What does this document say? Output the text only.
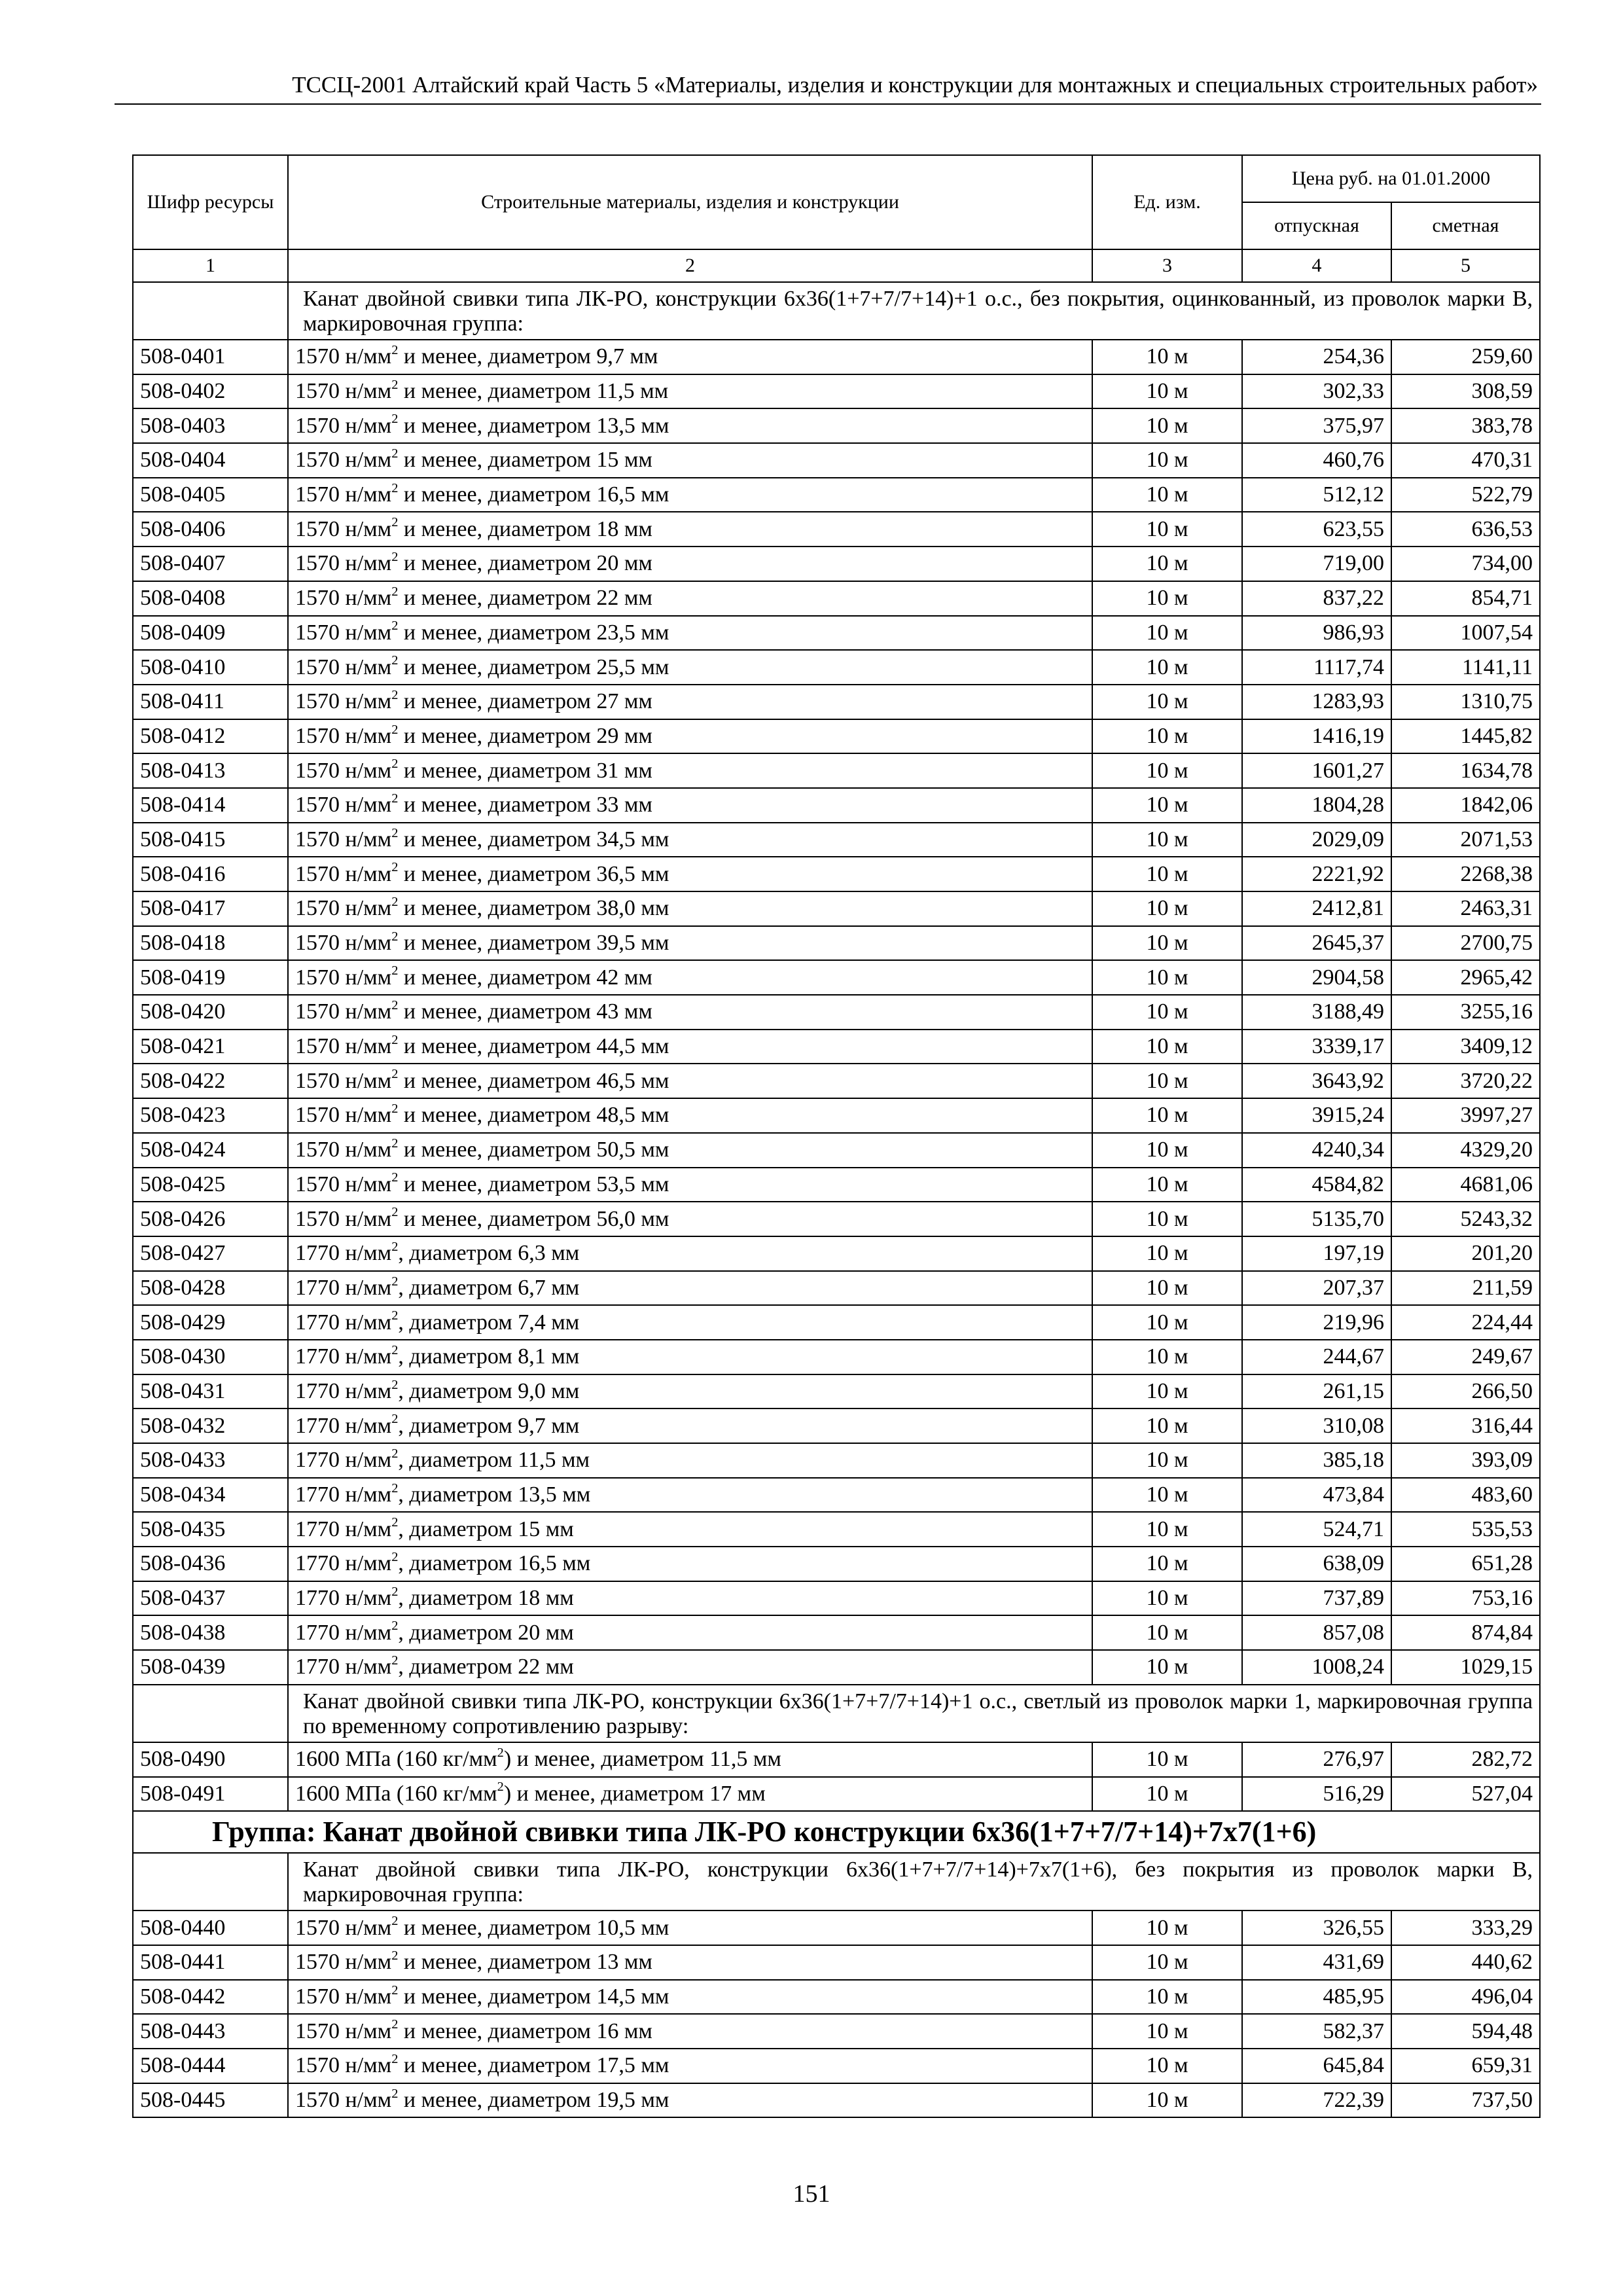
ТССЦ-2001 Алтайский край Часть 5 «Материалы, изделия и конструкции для монтажных и специальных строительных работ»
Шифр ресурсы	Строительные материалы, изделия и конструкции	Ед. изм.	Цена руб. на 01.01.2000	
			отпускная	сметная
1	2	3	4	5
	Канат двойной свивки типа ЛК-РО, конструкции 6х36(1+7+7/7+14)+1 о.с., без покрытия, оцинкованный, из проволок марки В, маркировочная группа:			
508-0401	1570 $н/мм^2$ и менее, диаметром 9,7 мм	10 м	254,36	259,60
508-0402	1570 $н/мм^2$ и менее, диаметром 11,5 мм	10 м	302,33	308,59
508-0403	1570 $н/мм^2$ и менее, диаметром 13,5 мм	10 м	375,97	383,78
508-0404	1570 $н/мм^2$ и менее, диаметром 15 мм	10 м	460,76	470,31
508-0405	1570 $н/мм^2$ и менее, диаметром 16,5 мм	10 м	512,12	522,79
508-0406	1570 $н/мм^2$ и менее, диаметром 18 мм	10 м	623,55	636,53
508-0407	1570 $н/мм^2$ и менее, диаметром 20 мм	10 м	719,00	734,00
508-0408	1570 $н/мм^2$ и менее, диаметром 22 мм	10 м	837,22	854,71
508-0409	1570 $н/мм^2$ и менее, диаметром 23,5 мм	10 м	986,93	1007,54
508-0410	1570 $н/мм^2$ и менее, диаметром 25,5 мм	10 м	1117,74	1141,11
508-0411	1570 $н/мм^2$ и менее, диаметром 27 мм	10 м	1283,93	1310,75
508-0412	1570 $н/мм^2$ и менее, диаметром 29 мм	10 м	1416,19	1445,82
508-0413	1570 $н/мм^2$ и менее, диаметром 31 мм	10 м	1601,27	1634,78
508-0414	1570 $н/мм^2$ и менее, диаметром 33 мм	10 м	1804,28	1842,06
508-0415	1570 $н/мм^2$ и менее, диаметром 34,5 мм	10 м	2029,09	2071,53
508-0416	1570 $н/мм^2$ и менее, диаметром 36,5 мм	10 м	2221,92	2268,38
508-0417	1570 $н/мм^2$ и менее, диаметром 38,0 мм	10 м	2412,81	2463,31
508-0418	1570 $н/мм^2$ и менее, диаметром 39,5 мм	10 м	2645,37	2700,75
508-0419	1570 $н/мм^2$ и менее, диаметром 42 мм	10 м	2904,58	2965,42
508-0420	1570 $н/мм^2$ и менее, диаметром 43 мм	10 м	3188,49	3255,16
508-0421	1570 $н/мм^2$ и менее, диаметром 44,5 мм	10 м	3339,17	3409,12
508-0422	1570 $н/мм^2$ и менее, диаметром 46,5 мм	10 м	3643,92	3720,22
508-0423	1570 $н/мм^2$ и менее, диаметром 48,5 мм	10 м	3915,24	3997,27
508-0424	1570 $н/мм^2$ и менее, диаметром 50,5 мм	10 м	4240,34	4329,20
508-0425	1570 $н/мм^2$ и менее, диаметром 53,5 мм	10 м	4584,82	4681,06
508-0426	1570 $н/мм^2$ и менее, диаметром 56,0 мм	10 м	5135,70	5243,32
508-0427	1770 $н/мм^2$, диаметром 6,3 мм	10 м	197,19	201,20
508-0428	1770 $н/мм^2$, диаметром 6,7 мм	10 м	207,37	211,59
508-0429	1770 $н/мм^2$, диаметром 7,4 мм	10 м	219,96	224,44
508-0430	1770 $н/мм^2$, диаметром 8,1 мм	10 м	244,67	249,67
508-0431	1770 $н/мм^2$, диаметром 9,0 мм	10 м	261,15	266,50
508-0432	1770 $н/мм^2$, диаметром 9,7 мм	10 м	310,08	316,44
508-0433	1770 $н/мм^2$, диаметром 11,5 мм	10 м	385,18	393,09
508-0434	1770 $н/мм^2$, диаметром 13,5 мм	10 м	473,84	483,60
508-0435	1770 $н/мм^2$, диаметром 15 мм	10 м	524,71	535,53
508-0436	1770 $н/мм^2$, диаметром 16,5 мм	10 м	638,09	651,28
508-0437	1770 $н/мм^2$, диаметром 18 мм	10 м	737,89	753,16
508-0438	1770 $н/мм^2$, диаметром 20 мм	10 м	857,08	874,84
508-0439	1770 $н/мм^2$, диаметром 22 мм	10 м	1008,24	1029,15
	Канат двойной свивки типа ЛК-РО, конструкции 6х36(1+7+7/7+14)+1 о.с., светлый из проволок марки 1, маркировочная группа по временному сопротивлению разрыву:			
508-0490	1600 МПа (160 $кг/мм^2$) и менее, диаметром 11,5 мм	10 м	276,97	282,72
508-0491	1600 МПа (160 $кг/мм^2$) и менее, диаметром 17 мм	10 м	516,29	527,04
Группа: Канат двойной свивки типа ЛК-РО конструкции 6х36(1+7+7/7+14)+7х7(1+6)				
	Канат двойной свивки типа ЛК-РО, конструкции 6х36(1+7+7/7+14)+7х7(1+6), без покрытия из проволок марки В, маркировочная группа:			
508-0440	1570 $н/мм^2$ и менее, диаметром 10,5 мм	10 м	326,55	333,29
508-0441	1570 $н/мм^2$ и менее, диаметром 13 мм	10 м	431,69	440,62
508-0442	1570 $н/мм^2$ и менее, диаметром 14,5 мм	10 м	485,95	496,04
508-0443	1570 $н/мм^2$ и менее, диаметром 16 мм	10 м	582,37	594,48
508-0444	1570 $н/мм^2$ и менее, диаметром 17,5 мм	10 м	645,84	659,31
508-0445	1570 $н/мм^2$ и менее, диаметром 19,5 мм	10 м	722,39	737,50
151
